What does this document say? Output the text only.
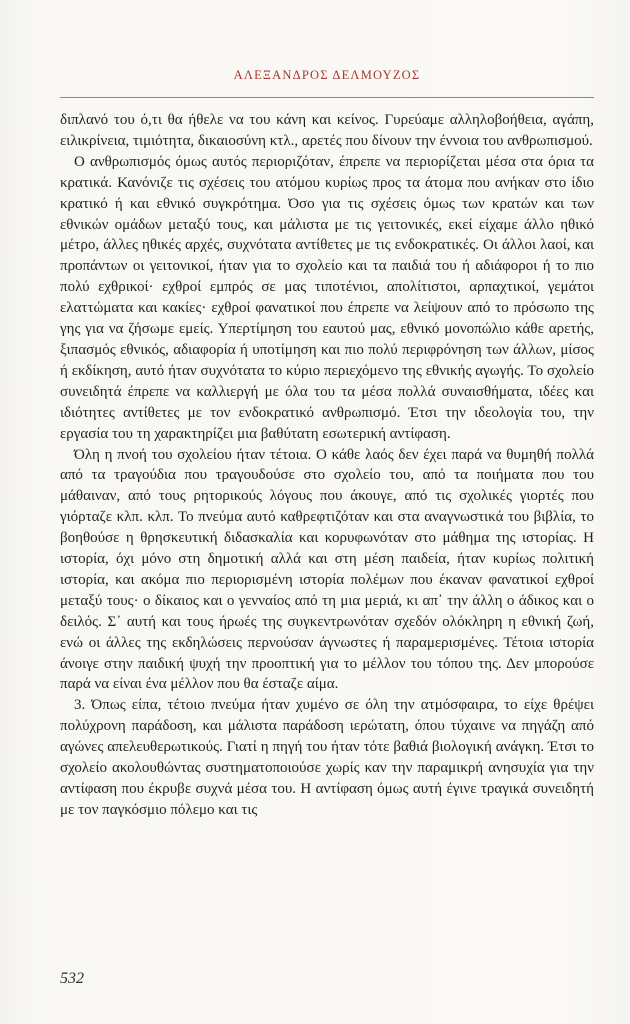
ΑΛΕΞΑΝΔΡΟΣ ΔΕΛΜΟΥΖΟΣ

διπλανό του ό,τι θα ήθελε να του κάνη και κείνος. Γυρεύαμε αλληλοβοήθεια, αγάπη, ειλικρίνεια, τιμιότητα, δικαιοσύνη κτλ., αρετές που δίνουν την έννοια του ανθρωπισμού.

Ο ανθρωπισμός όμως αυτός περιοριζόταν, έπρεπε να περιορίζεται μέσα στα όρια τα κρατικά. Κανόνιζε τις σχέσεις του ατόμου κυρίως προς τα άτομα που ανήκαν στο ίδιο κρατικό ή και εθνικό συγκρότημα. Όσο για τις σχέσεις όμως των κρατών και των εθνικών ομάδων μεταξύ τους, και μάλιστα με τις γειτονικές, εκεί είχαμε άλλο ηθικό μέτρο, άλλες ηθικές αρχές, συχνότατα αντίθετες με τις ενδοκρατικές. Οι άλλοι λαοί, και προπάντων οι γειτονικοί, ήταν για το σχολείο και τα παιδιά του ή αδιάφοροι ή το πιο πολύ εχθρικοί· εχθροί εμπρός σε μας τιποτένιοι, απολίτιστοι, αρπαχτικοί, γεμάτοι ελαττώματα και κακίες· εχθροί φανατικοί που έπρεπε να λείψουν από το πρόσωπο της γης για να ζήσωμε εμείς. Υπερτίμηση του εαυτού μας, εθνικό μονοπώλιο κάθε αρετής, ξιπασμός εθνικός, αδιαφορία ή υποτίμηση και πιο πολύ περιφρόνηση των άλλων, μίσος ή εκδίκηση, αυτό ήταν συχνότατα το κύριο περιεχόμενο της εθνικής αγωγής. Το σχολείο συνειδητά έπρεπε να καλλιεργή με όλα του τα μέσα πολλά συναισθήματα, ιδέες και ιδιότητες αντίθετες με τον ενδοκρατικό ανθρωπισμό. Έτσι την ιδεολογία του, την εργασία του τη χαρακτηρίζει μια βαθύτατη εσωτερική αντίφαση.

Όλη η πνοή του σχολείου ήταν τέτοια. Ο κάθε λαός δεν έχει παρά να θυμηθή πολλά από τα τραγούδια που τραγουδούσε στο σχολείο του, από τα ποιήματα που του μάθαιναν, από τους ρητορικούς λόγους που άκουγε, από τις σχολικές γιορτές που γιόρταζε κλπ. κλπ. Το πνεύμα αυτό καθρεφτιζόταν και στα αναγνωστικά του βιβλία, το βοηθούσε η θρησκευτική διδασκαλία και κορυφωνόταν στο μάθημα της ιστορίας. Η ιστορία, όχι μόνο στη δημοτική αλλά και στη μέση παιδεία, ήταν κυρίως πολιτική ιστορία, και ακόμα πιο περιορισμένη ιστορία πολέμων που έκαναν φανατικοί εχθροί μεταξύ τους· ο δίκαιος και ο γενναίος από τη μια μεριά, κι απ᾽ την άλλη ο άδικος και ο δειλός. Σ᾽ αυτή και τους ήρωές της συγκεντρωνόταν σχεδόν ολόκληρη η εθνική ζωή, ενώ οι άλλες της εκδηλώσεις περνούσαν άγνωστες ή παραμερισμένες. Τέτοια ιστορία άνοιγε στην παιδική ψυχή την προοπτική για το μέλλον του τόπου της. Δεν μπορούσε παρά να είναι ένα μέλλον που θα έσταζε αίμα.

3. Όπως είπα, τέτοιο πνεύμα ήταν χυμένο σε όλη την ατμόσφαιρα, το είχε θρέψει πολύχρονη παράδοση, και μάλιστα παράδοση ιερώτατη, όπου τύχαινε να πηγάζη από αγώνες απελευθερωτικούς. Γιατί η πηγή του ήταν τότε βαθιά βιολογική ανάγκη. Έτσι το σχολείο ακολουθώντας συστηματοποιούσε χωρίς καν την παραμικρή ανησυχία για την αντίφαση που έκρυβε συχνά μέσα του. Η αντίφαση όμως αυτή έγινε τραγικά συνειδητή με τον παγκόσμιο πόλεμο και τις

532
